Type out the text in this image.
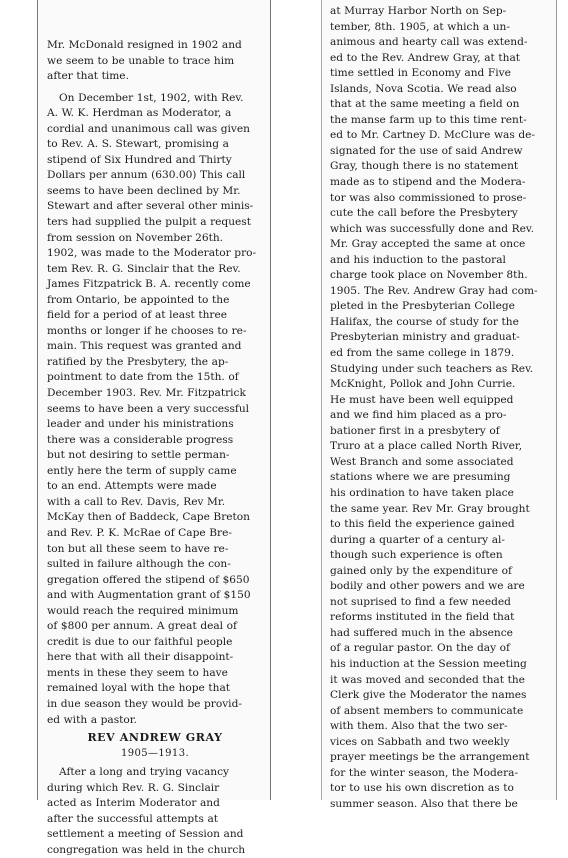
Mr. McDonald resigned in 1902 and
we seem to be unable to trace him
after that time.

On December 1st, 1902, with Rev.
A. W. K. Herdman as Moderator, a
cordial and unanimous call was given
to Rev. A. S. Stewart, promising a
stipend of Six Hundred and Thirty
Dollars per annum (630.00) This call
seems to have been declined by Mr.
Stewart and after several other minis-
ters had supplied the pulpit a request
from session on November 26th.
1902, was made to the Moderator pro-
tem Rev. R. G. Sinclair that the Rev.
James Fitzpatrick B. A. recently come
from Ontario, be appointed to the
field for a period of at least three
months or longer if he chooses to re-
main. This request was granted and
ratified by the Presbytery, the ap-
pointment to date from the 15th. of
December 1903. Rev. Mr. Fitzpatrick
seems to have been a very successful
leader and under his ministrations
there was a considerable progress
but not desiring to settle perman-
ently here the term of supply came
to an end. Attempts were made
with a call to Rev. Davis, Rev Mr.
McKay then of Baddeck, Cape Breton
and Rev. P. K. McRae of Cape Bre-
ton but all these seem to have re-
sulted in failure although the con-
gregation offered the stipend of $650
and with Augmentation grant of $150
would reach the required minimum
of $800 per annum. A great deal of
credit is due to our faithful people
here that with all their disappoint-
ments in these they seem to have
remained loyal with the hope that
in due season they would be provid-
ed with a pastor.

REV ANDREW GRAY
1905—1913.

After a long and trying vacancy
during which Rev. R. G. Sinclair
acted as Interim Moderator and
after the successful attempts at
settlement a meeting of Session and
congregation was held in the church

at Murray Harbor North on Sep-
tember, 8th. 1905, at which a un-
animous and hearty call was extend-
ed to the Rev. Andrew Gray, at that
time settled in Economy and Five
Islands, Nova Scotia. We read also
that at the same meeting a field on
the manse farm up to this time rent-
ed to Mr. Cartney D. McClure was de-
signated for the use of said Andrew
Gray, though there is no statement
made as to stipend and the Modera-
tor was also commissioned to prose-
cute the call before the Presbytery
which was successfully done and Rev.
Mr. Gray accepted the same at once
and his induction to the pastoral
charge took place on November 8th.
1905. The Rev. Andrew Gray had com-
pleted in the Presbyterian College
Halifax, the course of study for the
Presbyterian ministry and graduat-
ed from the same college in 1879.
Studying under such teachers as Rev.
McKnight, Pollok and John Currie.
He must have been well equipped
and we find him placed as a pro-
bationer first in a presbytery of
Truro at a place called North River,
West Branch and some associated
stations where we are presuming
his ordination to have taken place
the same year. Rev Mr. Gray brought
to this field the experience gained
during a quarter of a century al-
though such experience is often
gained only by the expenditure of
bodily and other powers and we are
not suprised to find a few needed
reforms instituted in the field that
had suffered much in the absence
of a regular pastor. On the day of
his induction at the Session meeting
it was moved and seconded that the
Clerk give the Moderator the names
of absent members to communicate
with them. Also that the two ser-
vices on Sabbath and two weekly
prayer meetings be the arrangement
for the winter season, the Modera-
tor to use his own discretion as to
summer season. Also that there be
